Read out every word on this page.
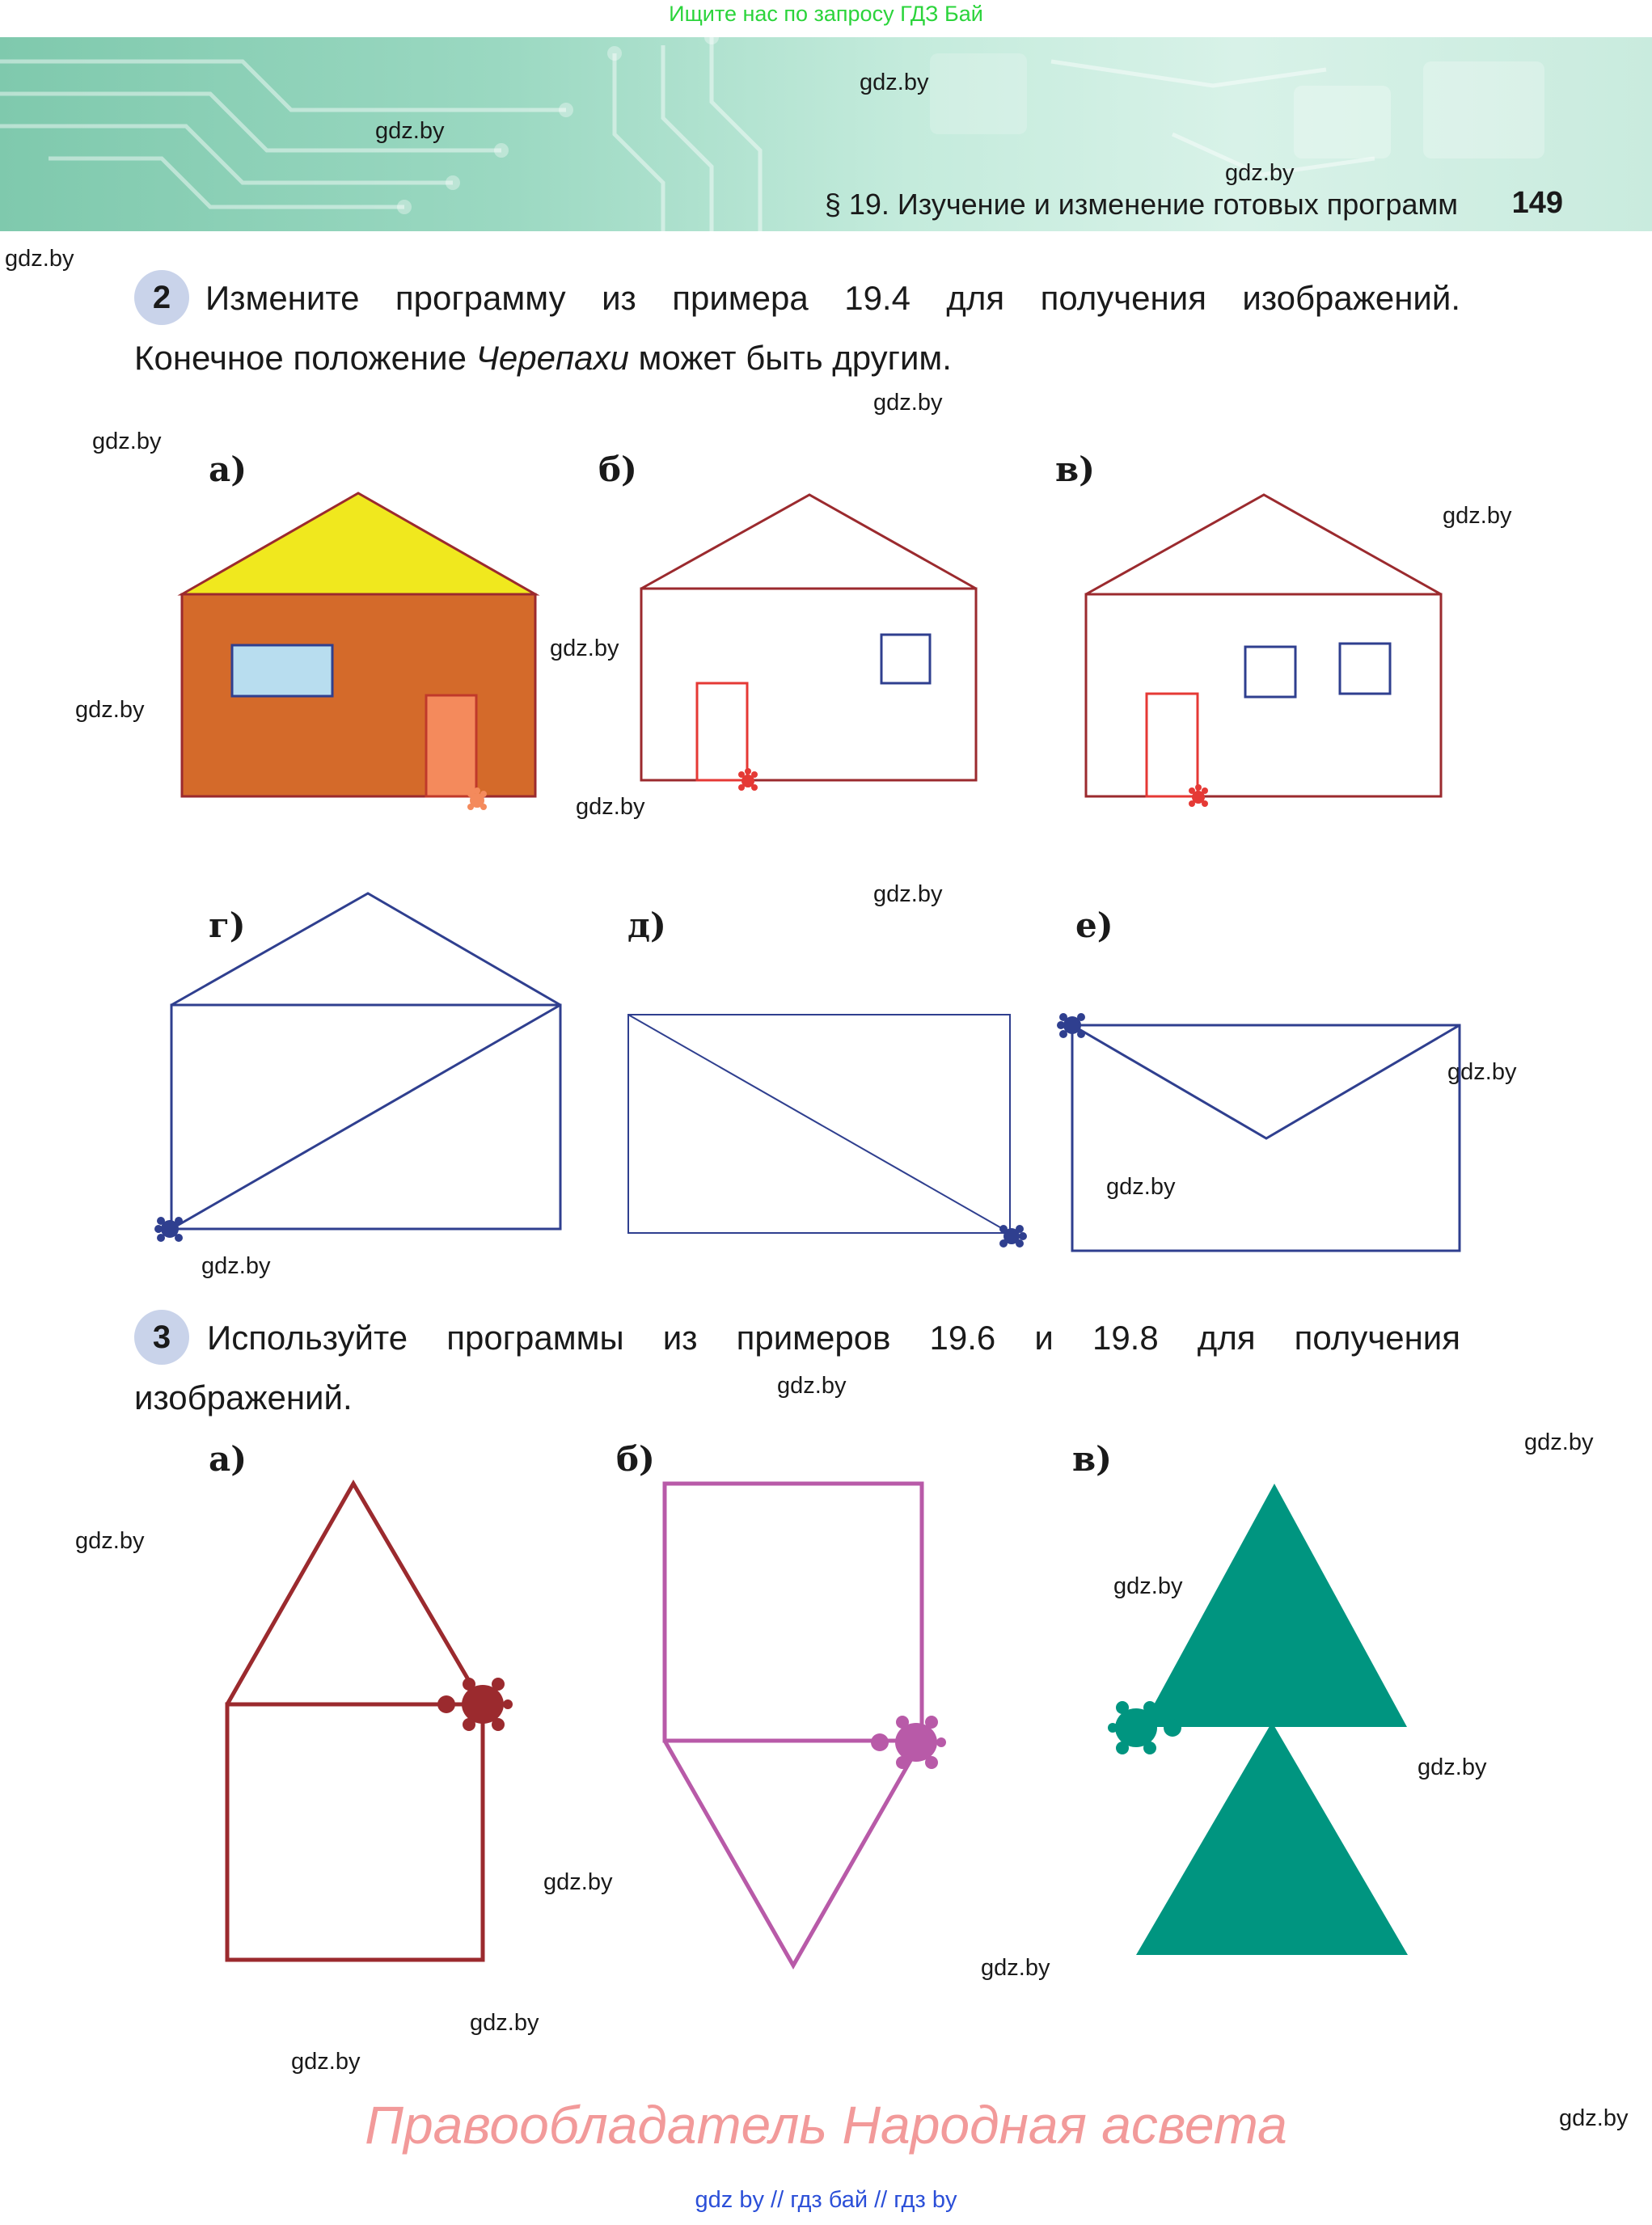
Ищите нас по запросу ГДЗ Бай
§ 19. Изучение и изменение готовых программ 149
gdz.by
gdz.by
gdz.by
gdz.by
gdz.by
gdz.by
gdz.by
gdz.by
gdz.by
gdz.by
gdz.by
gdz.by
gdz.by
gdz.by
gdz.by
gdz.by
gdz.by
gdz.by
gdz.by
gdz.by
gdz.by
gdz.by
gdz.by
gdz.by
2	Измените программу из примера 19.4 для получения изображений.
Конечное положение Черепахи может быть другим.
а)	б)	в)
г)	д)	е)
3	Используйте программы из примеров 19.6 и 19.8 для получения
изображений.
а)	б)	в)
Правообладатель Народная асвета
gdz by // гдз бай // гдз by
